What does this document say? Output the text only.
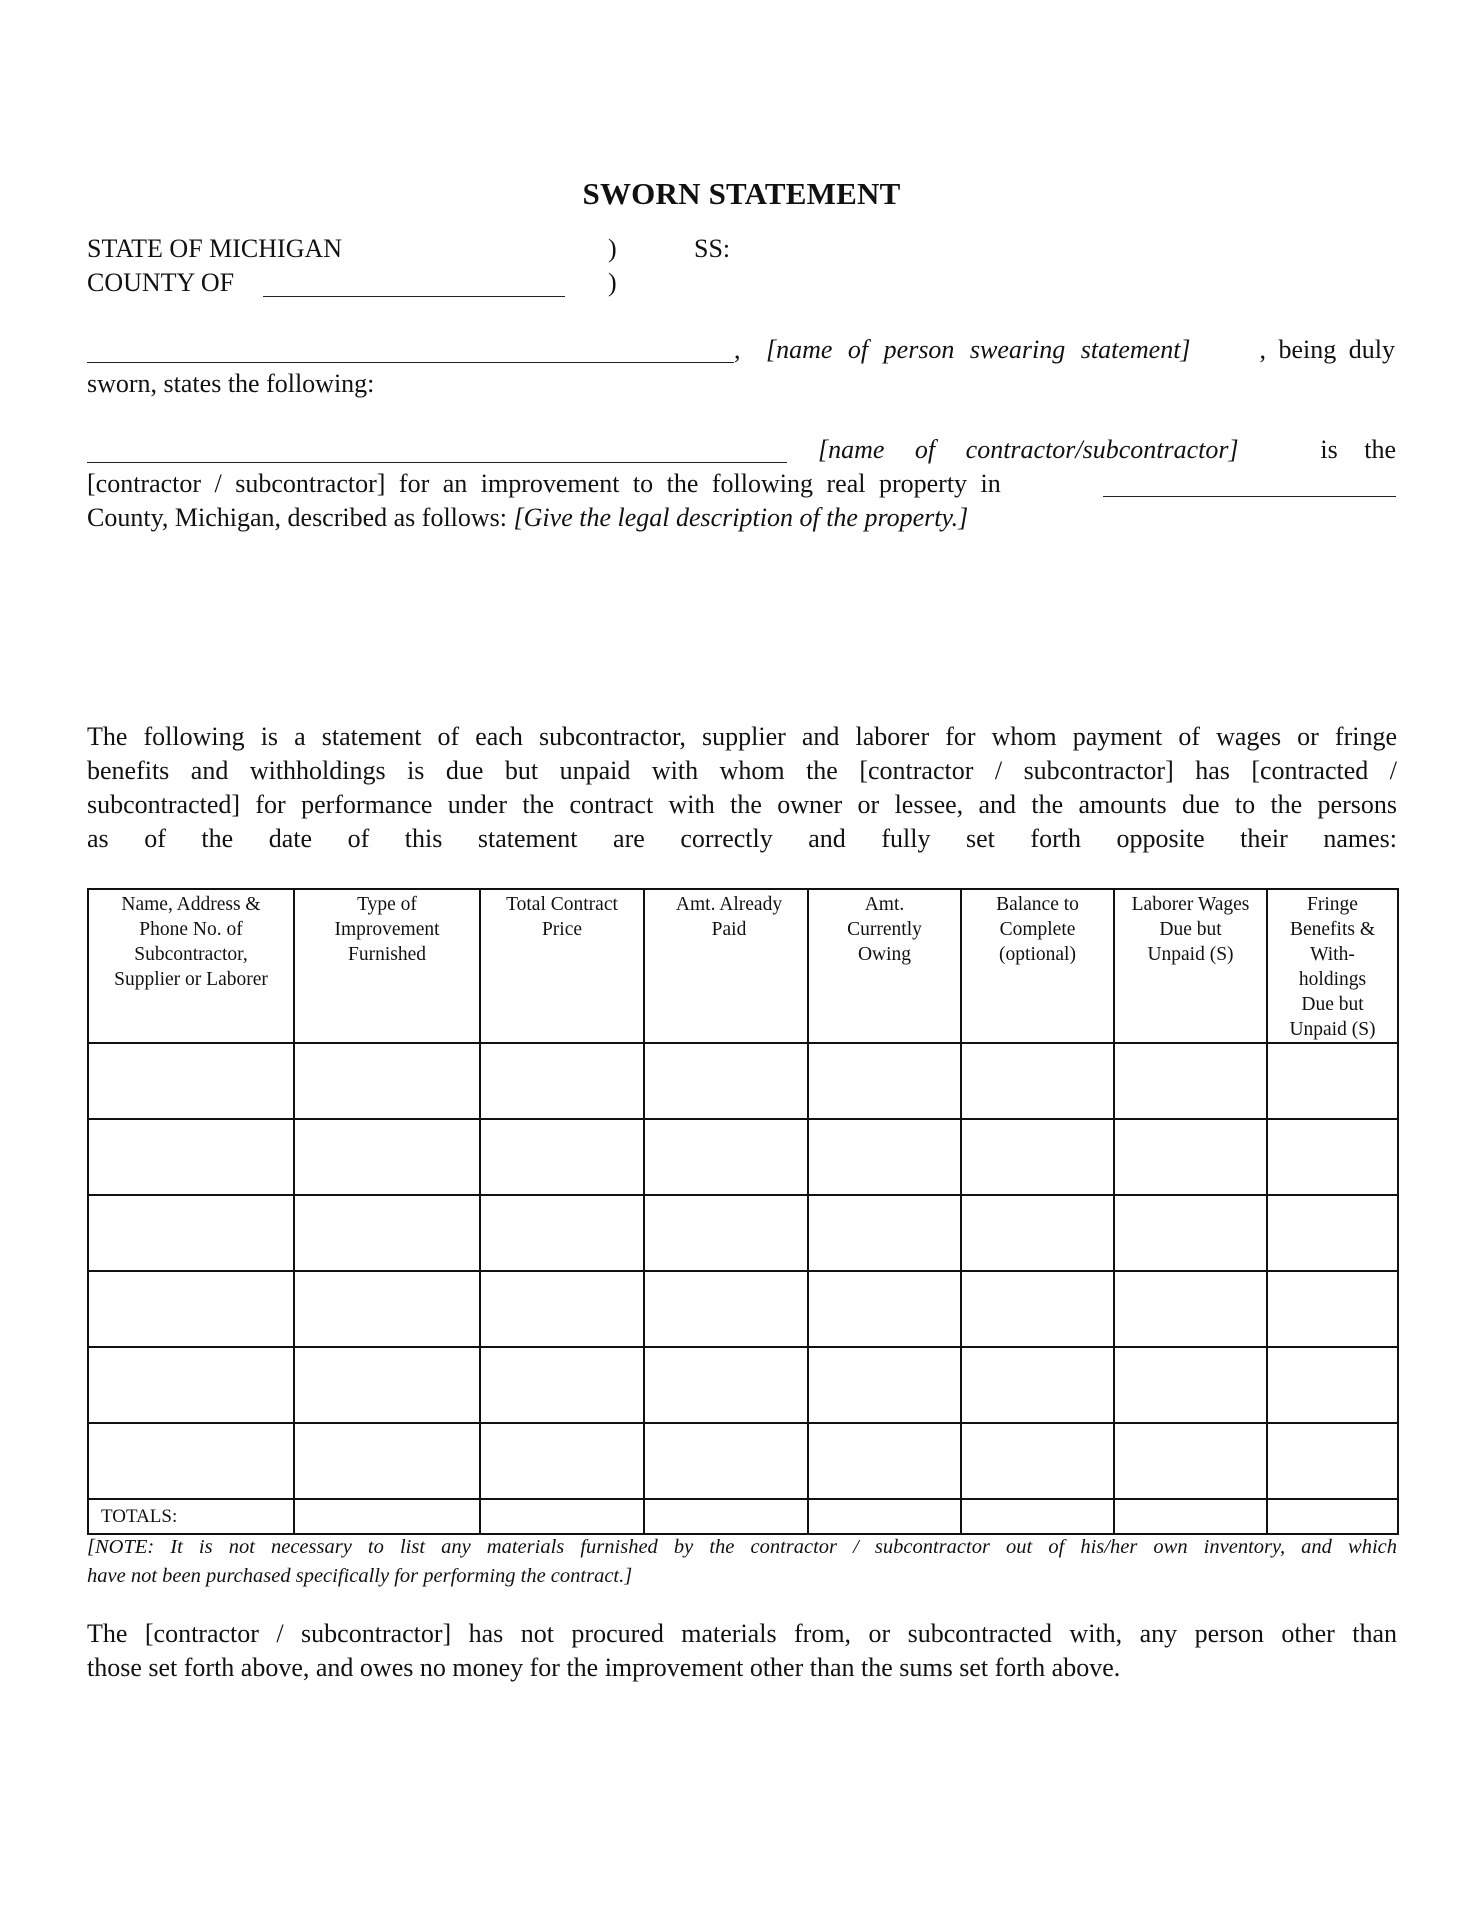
SWORN STATEMENT
STATE OF MICHIGAN	)	SS:
COUNTY OF	)
, [name of person swearing statement]	, being duly
sworn, states the following:
[name of contractor/subcontractor]	is the
[contractor / subcontractor] for an improvement to the following real property in
County, Michigan, described as follows: [Give the legal description of the property.]
The following is a statement of each subcontractor, supplier and laborer for whom payment of wages or fringe
benefits and withholdings is due but unpaid with whom the [contractor / subcontractor] has [contracted /
subcontracted] for performance under the contract with the owner or lessee, and the amounts due to the persons
as of the date of this statement are correctly and fully set forth opposite their names:
Name, Address & Phone No. of Subcontractor, Supplier or Laborer	Type of Improvement Furnished	Total Contract Price	Amt. Already Paid	Amt. Currently Owing	Balance to Complete (optional)	Laborer Wages Due but Unpaid (S)	Fringe Benefits & With- holdings Due but Unpaid (S)

TOTALS:							
[NOTE: It is not necessary to list any materials furnished by the contractor / subcontractor out of his/her own inventory, and which
have not been purchased specifically for performing the contract.]
The [contractor / subcontractor] has not procured materials from, or subcontracted with, any person other than
those set forth above, and owes no money for the improvement other than the sums set forth above.
